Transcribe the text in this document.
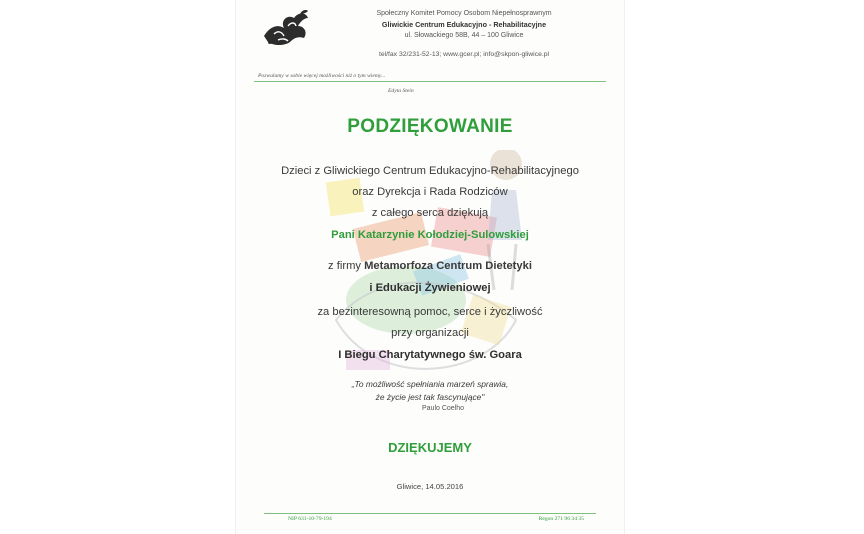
Społeczny Komitet Pomocy Osobom Niepełnosprawnym
Gliwickie Centrum Edukacyjno - Rehabilitacyjne
ul. Słowackiego 58B, 44 – 100 Gliwice
tel/fax 32/231-52-13; www.gcer.pl; info@skpon-gliwice.pl
Pozwalamy w sobie więcej możliwości niż o tym wiemy...
Edyta Stein
PODZIĘKOWANIE
Dzieci z Gliwickiego Centrum Edukacyjno-Rehabilitacyjnego
oraz Dyrekcja i Rada Rodziców
z całego serca dziękują
Pani Katarzynie Kołodziej-Sulowskiej
z firmy Metamorfoza Centrum Dietetyki
i Edukacji Żywieniowej
za bezinteresowną pomoc, serce i życzliwość
przy organizacji
I Biegu Charytatywnego św. Goara
„To możliwość spełniania marzeń sprawia,
że życie jest tak fascynujące"
Paulo Coelho
DZIĘKUJEMY
Gliwice, 14.05.2016
NIP 631-10-79-194	Regon 271 96 34 35
